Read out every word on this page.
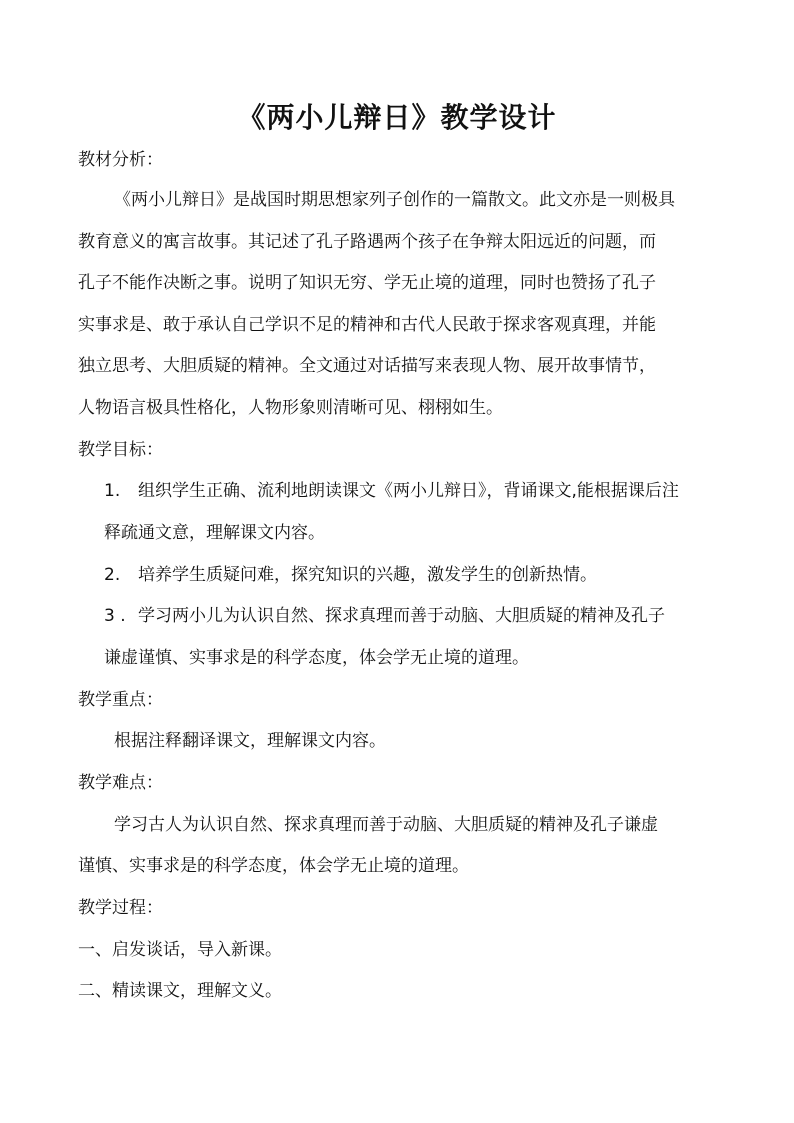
《两小儿辩日》教学设计
教材分析：
《两小儿辩日》是战国时期思想家列子创作的一篇散文。此文亦是一则极具
教育意义的寓言故事。其记述了孔子路遇两个孩子在争辩太阳远近的问题，而
孔子不能作决断之事。说明了知识无穷、学无止境的道理，同时也赞扬了孔子
实事求是、敢于承认自己学识不足的精神和古代人民敢于探求客观真理，并能
独立思考、大胆质疑的精神。全文通过对话描写来表现人物、展开故事情节，
人物语言极具性格化，人物形象则清晰可见、栩栩如生。
教学目标：
1. 组织学生正确、流利地朗读课文《两小儿辩日》，背诵课文,能根据课后注
释疏通文意，理解课文内容。
2. 培养学生质疑问难，探究知识的兴趣，激发学生的创新热情。
3 . 学习两小儿为认识自然、探求真理而善于动脑、大胆质疑的精神及孔子
谦虚谨慎、实事求是的科学态度，体会学无止境的道理。
教学重点：
根据注释翻译课文，理解课文内容。
教学难点：
学习古人为认识自然、探求真理而善于动脑、大胆质疑的精神及孔子谦虚
谨慎、实事求是的科学态度，体会学无止境的道理。
教学过程：
一、启发谈话，导入新课。
二、精读课文，理解文义。
